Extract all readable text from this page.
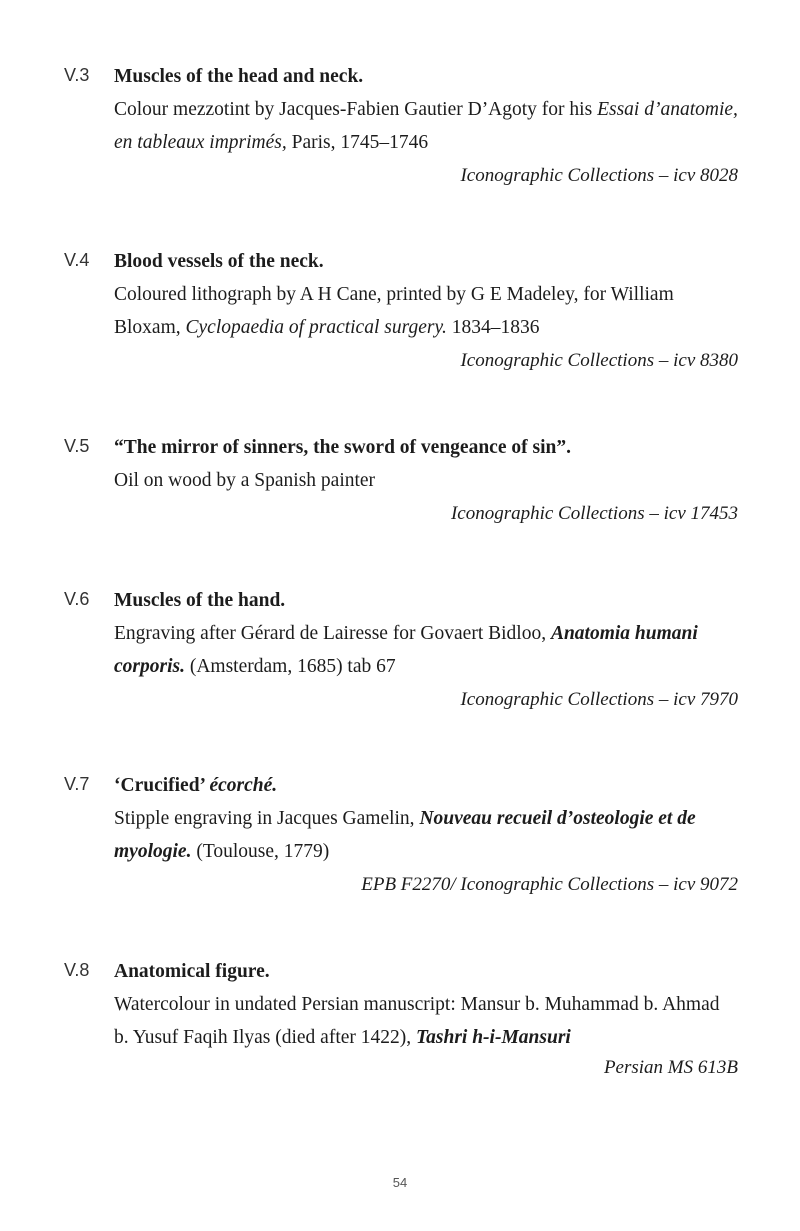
V.3	Muscles of the head and neck.

Colour mezzotint by Jacques-Fabien Gautier D’Agoty for his Essai d’anatomie, en tableaux imprimés, Paris, 1745–1746

Iconographic Collections – icv 8028

V.4	Blood vessels of the neck.

Coloured lithograph by A H Cane, printed by G E Madeley, for William Bloxam, Cyclopaedia of practical surgery. 1834–1836

Iconographic Collections – icv 8380

V.5	“The mirror of sinners, the sword of vengeance of sin”.

Oil on wood by a Spanish painter

Iconographic Collections – icv 17453

V.6	Muscles of the hand.

Engraving after Gérard de Lairesse for Govaert Bidloo, Anatomia humani corporis. (Amsterdam, 1685) tab 67

Iconographic Collections – icv 7970

V.7	‘Crucified’ écorché.

Stipple engraving in Jacques Gamelin, Nouveau recueil d’osteologie et de myologie. (Toulouse, 1779)

EPB F2270/ Iconographic Collections – icv 9072

V.8	Anatomical figure.

Watercolour in undated Persian manuscript: Mansur b. Muhammad b. Ahmad b. Yusuf Faqih Ilyas (died after 1422), Tashri h-i-Mansuri

Persian MS 613B

54
